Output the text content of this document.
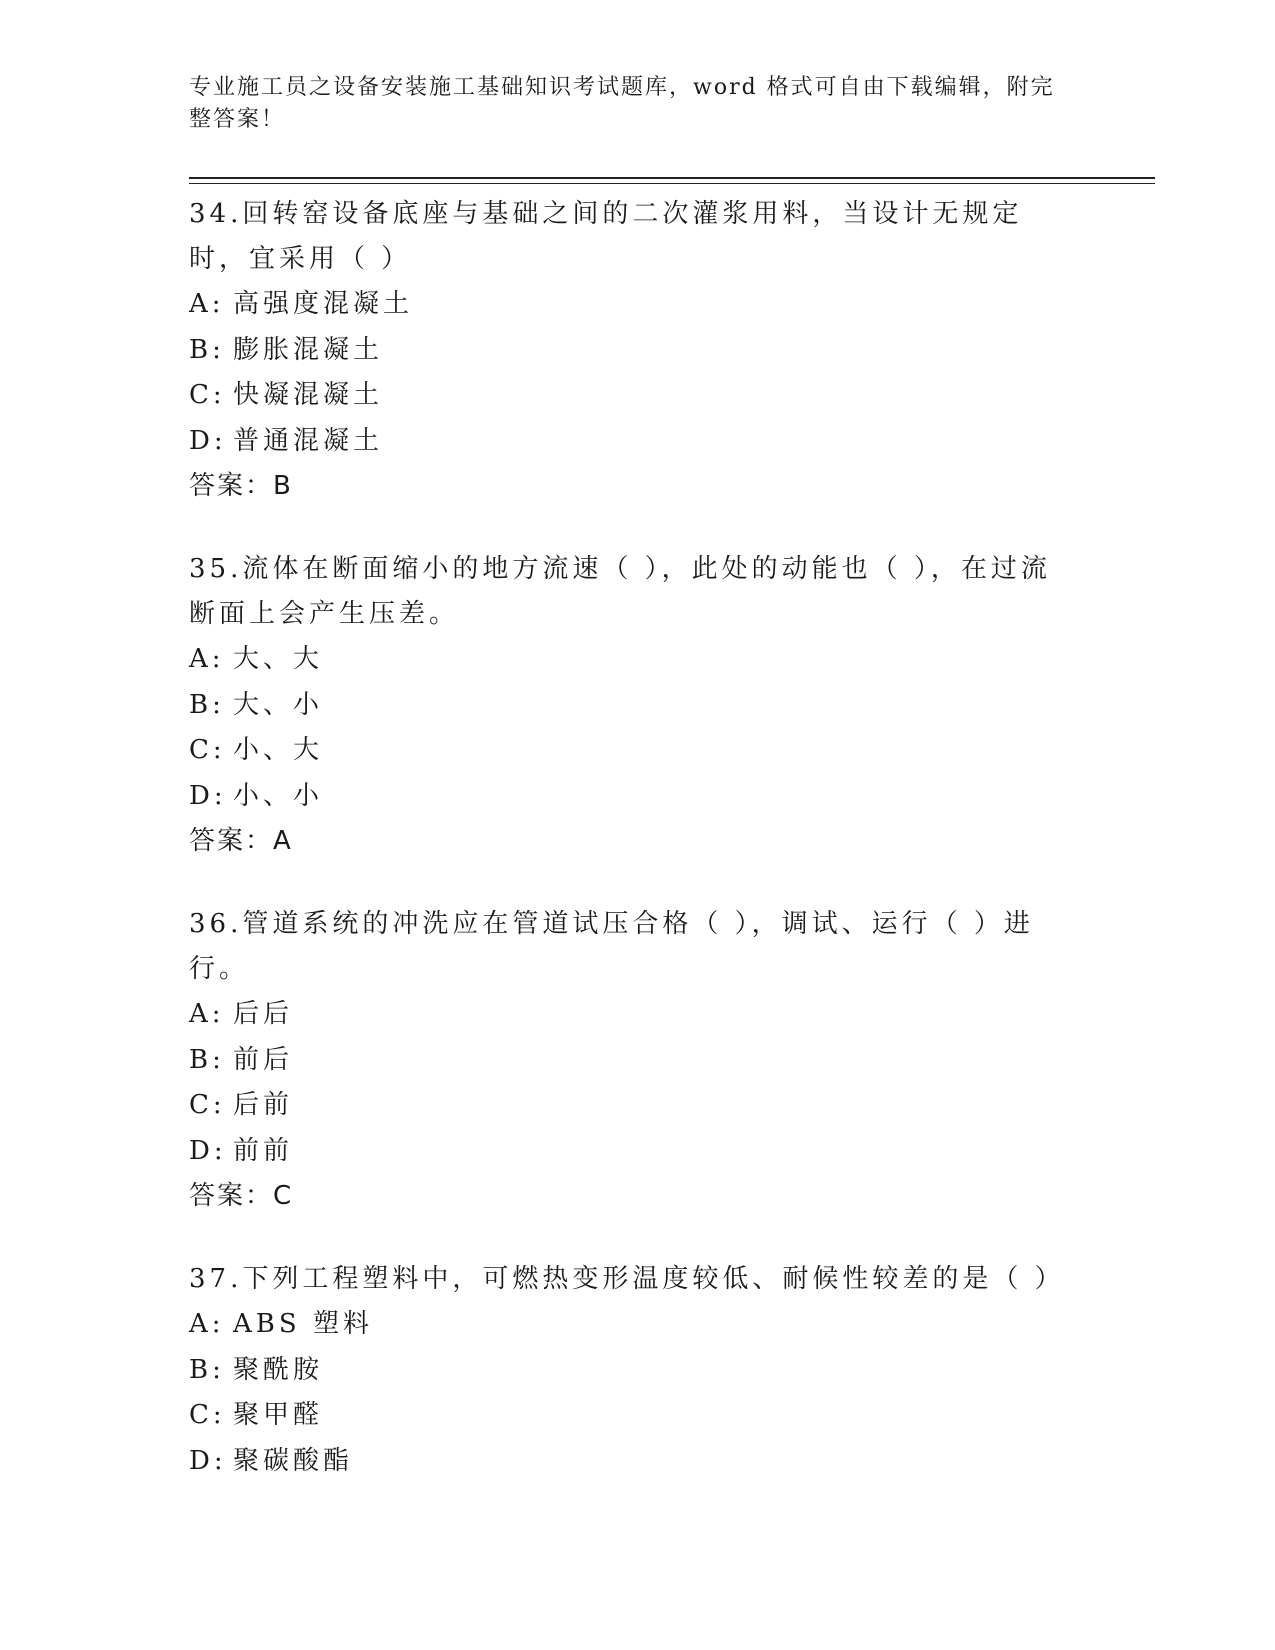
专业施工员之设备安装施工基础知识考试题库，word 格式可自由下载编辑，附完整答案！

34.回转窑设备底座与基础之间的二次灌浆用料，当设计无规定时，宜采用（ ）

A: 高强度混凝土
B: 膨胀混凝土
C: 快凝混凝土
D: 普通混凝土
答案：B

35.流体在断面缩小的地方流速（ ），此处的动能也（ ），在过流断面上会产生压差。

A: 大、大
B: 大、小
C: 小、大
D: 小、小
答案：A

36.管道系统的冲洗应在管道试压合格（ ），调试、运行（ ）进行。

A: 后后
B: 前后
C: 后前
D: 前前
答案：C

37.下列工程塑料中，可燃热变形温度较低、耐候性较差的是（ ）

A: ABS 塑料
B: 聚酰胺
C: 聚甲醛
D: 聚碳酸酯
